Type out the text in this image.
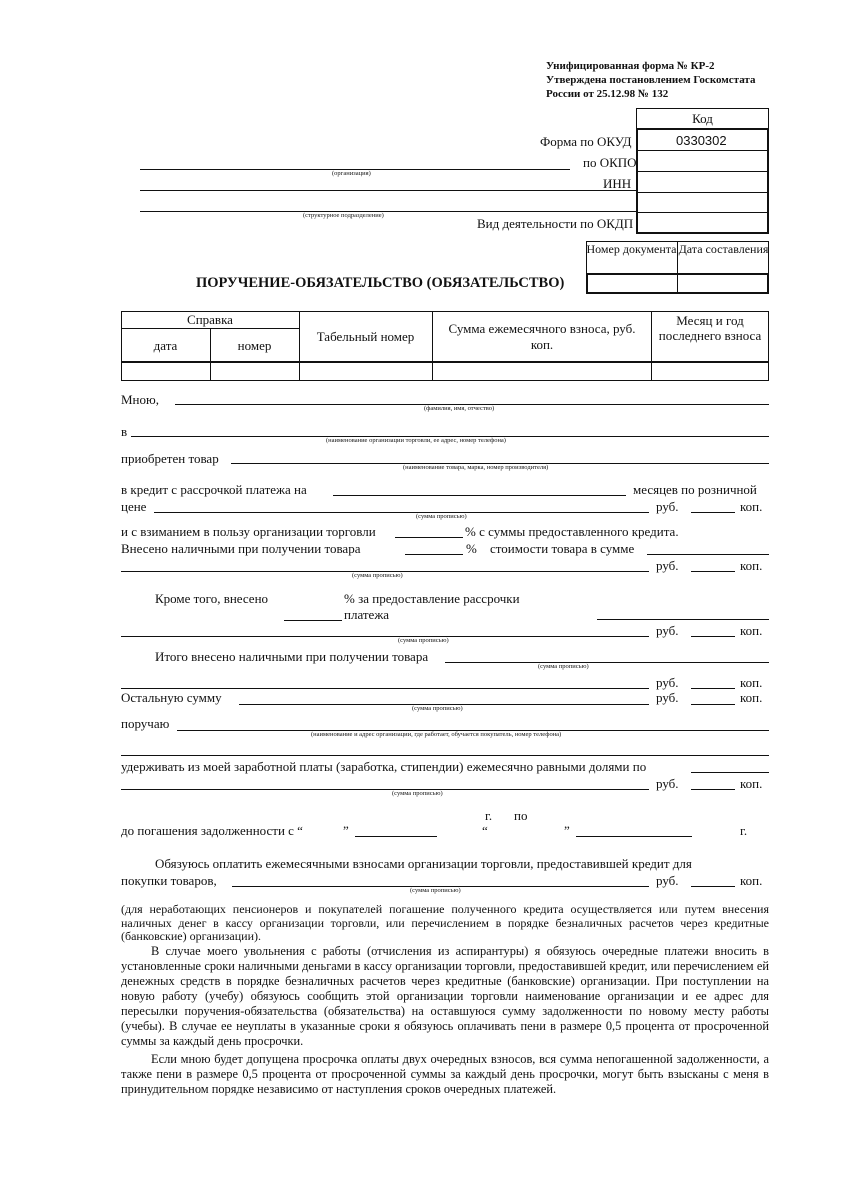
Унифицированная форма № КР-2
Утверждена постановлением Госкомстата
России от 25.12.98 № 132
Код
0330302
Форма по ОКУД
по ОКПО
ИНН
Вид деятельности по ОКДП
(организация)
(структурное подразделение)
Номер документа Дата составления
ПОРУЧЕНИЕ-ОБЯЗАТЕЛЬСТВО (ОБЯЗАТЕЛЬСТВО)
Справка
дата	номер
Табельный номер
Сумма ежемесячного взноса, руб. коп.
Месяц и год последнего взноса
Мною,
(фамилия, имя, отчество)
в
(наименование организации торговли, ее адрес, номер телефона)
приобретен товар
(наименование товара, марка, номер производителя)
в кредит с рассрочкой платежа на	месяцев по розничной
цене	руб.	коп.
(сумма прописью)
и с взиманием в пользу организации торговли	% с суммы предоставленного кредита.
Внесено наличными при получении товара	% стоимости товара в сумме
руб.	коп.
(сумма прописью)
Кроме того, внесено	% за предоставление рассрочки
платежа
руб.	коп.
(сумма прописью)
Итого внесено наличными при получении товара
(сумма прописью)
руб.	коп.
Остальную сумму	руб.	коп.
(сумма прописью)
поручаю
(наименование и адрес организации, где работает, обучается покупатель, номер телефона)
удерживать из моей заработной платы (заработка, стипендии) ежемесячно равными долями по
руб.	коп.
(сумма прописью)
г. по
до погашения задолженности с “	”	“	”	г.
Обязуюсь оплатить ежемесячными взносами организации торговли, предоставившей кредит для
покупки товаров,	руб.	коп.
(сумма прописью)

(для неработающих пенсионеров и покупателей погашение полученного кредита осуществляется или путем внесения наличных денег в кассу организации торговли, или перечислением в порядке безналичных расчетов через кредитные (банковские) организации).

В случае моего увольнения с работы (отчисления из аспирантуры) я обязуюсь очередные платежи вносить в установленные сроки наличными деньгами в кассу организации торговли, предоставившей кредит, или перечислением ей денежных средств в порядке безналичных расчетов через кредитные (банковские) организации. При поступлении на новую работу (учебу) обязуюсь сообщить этой организации торговли наименование организации и ее адрес для пересылки поручения-обязательства (обязательства) на оставшуюся сумму задолженности по новому месту работы (учебы). В случае ее неуплаты в указанные сроки я обязуюсь оплачивать пени в размере 0,5 процента от просроченной суммы за каждый день просрочки.

Если мною будет допущена просрочка оплаты двух очередных взносов, вся сумма непогашенной задолженности, а также пени в размере 0,5 процента от просроченной суммы за каждый день просрочки, могут быть взысканы с меня в принудительном порядке независимо от наступления сроков очередных платежей.
